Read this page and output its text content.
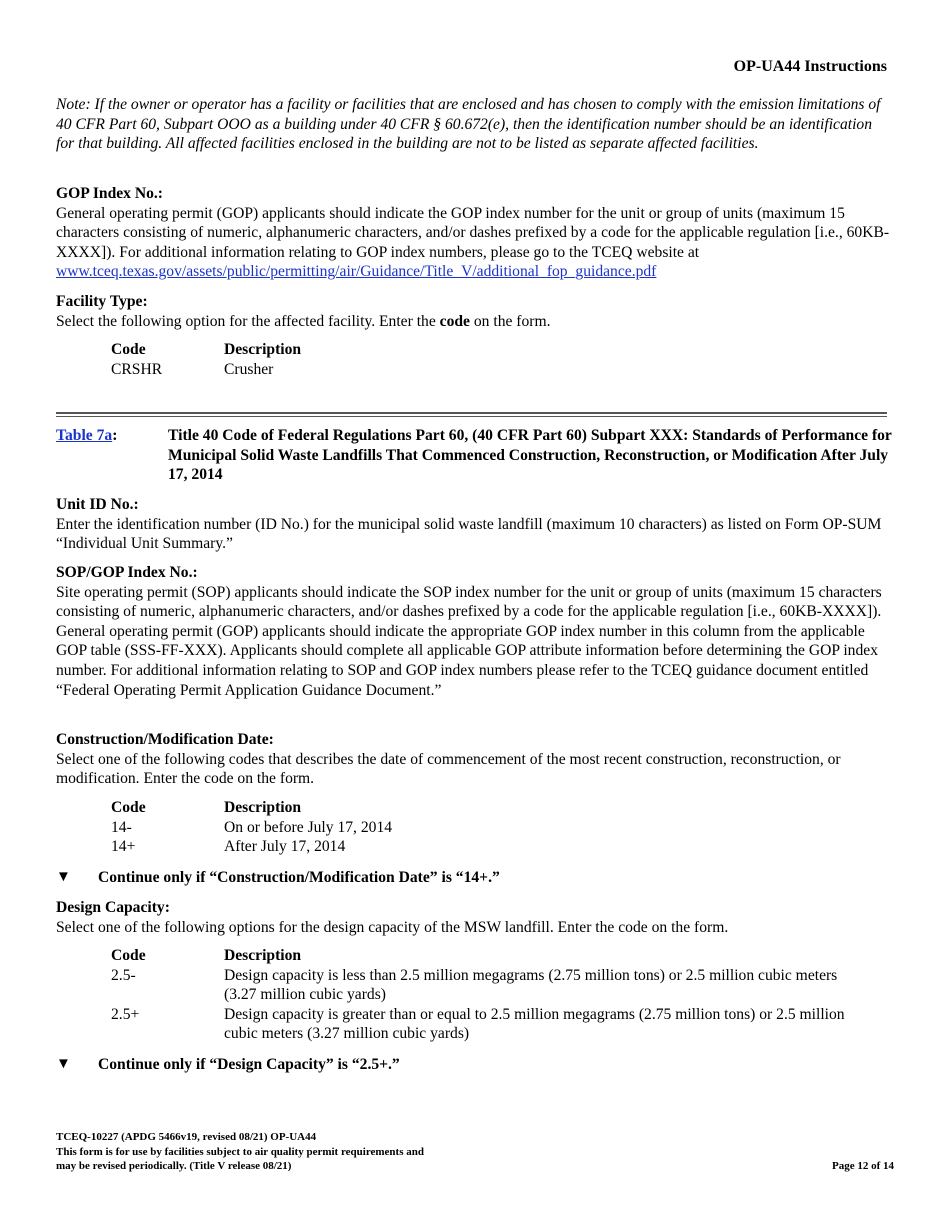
OP-UA44 Instructions
Note: If the owner or operator has a facility or facilities that are enclosed and has chosen to comply with the emission limitations of 40 CFR Part 60, Subpart OOO as a building under 40 CFR § 60.672(e), then the identification number should be an identification for that building. All affected facilities enclosed in the building are not to be listed as separate affected facilities.
GOP Index No.:
General operating permit (GOP) applicants should indicate the GOP index number for the unit or group of units (maximum 15 characters consisting of numeric, alphanumeric characters, and/or dashes prefixed by a code for the applicable regulation [i.e., 60KB-XXXX]). For additional information relating to GOP index numbers, please go to the TCEQ website at www.tceq.texas.gov/assets/public/permitting/air/Guidance/Title_V/additional_fop_guidance.pdf
Facility Type:
Select the following option for the affected facility. Enter the code on the form.
Code	Description
CRSHR	Crusher
Table 7a:	Title 40 Code of Federal Regulations Part 60, (40 CFR Part 60) Subpart XXX: Standards of Performance for Municipal Solid Waste Landfills That Commenced Construction, Reconstruction, or Modification After July 17, 2014
Unit ID No.:
Enter the identification number (ID No.) for the municipal solid waste landfill (maximum 10 characters) as listed on Form OP-SUM “Individual Unit Summary.”
SOP/GOP Index No.:
Site operating permit (SOP) applicants should indicate the SOP index number for the unit or group of units (maximum 15 characters consisting of numeric, alphanumeric characters, and/or dashes prefixed by a code for the applicable regulation [i.e., 60KB-XXXX]). General operating permit (GOP) applicants should indicate the appropriate GOP index number in this column from the applicable GOP table (SSS-FF-XXX). Applicants should complete all applicable GOP attribute information before determining the GOP index number. For additional information relating to SOP and GOP index numbers please refer to the TCEQ guidance document entitled “Federal Operating Permit Application Guidance Document.”
Construction/Modification Date:
Select one of the following codes that describes the date of commencement of the most recent construction, reconstruction, or modification. Enter the code on the form.
Code	Description
14-	On or before July 17, 2014
14+	After July 17, 2014
▼	Continue only if “Construction/Modification Date” is “14+.”
Design Capacity:
Select one of the following options for the design capacity of the MSW landfill. Enter the code on the form.
Code	Description
2.5-	Design capacity is less than 2.5 million megagrams (2.75 million tons) or 2.5 million cubic meters (3.27 million cubic yards)
2.5+	Design capacity is greater than or equal to 2.5 million megagrams (2.75 million tons) or 2.5 million cubic meters (3.27 million cubic yards)
▼	Continue only if “Design Capacity” is “2.5+.”
TCEQ-10227 (APDG 5466v19, revised 08/21) OP-UA44
This form is for use by facilities subject to air quality permit requirements and
may be revised periodically. (Title V release 08/21)	Page 12 of 14
